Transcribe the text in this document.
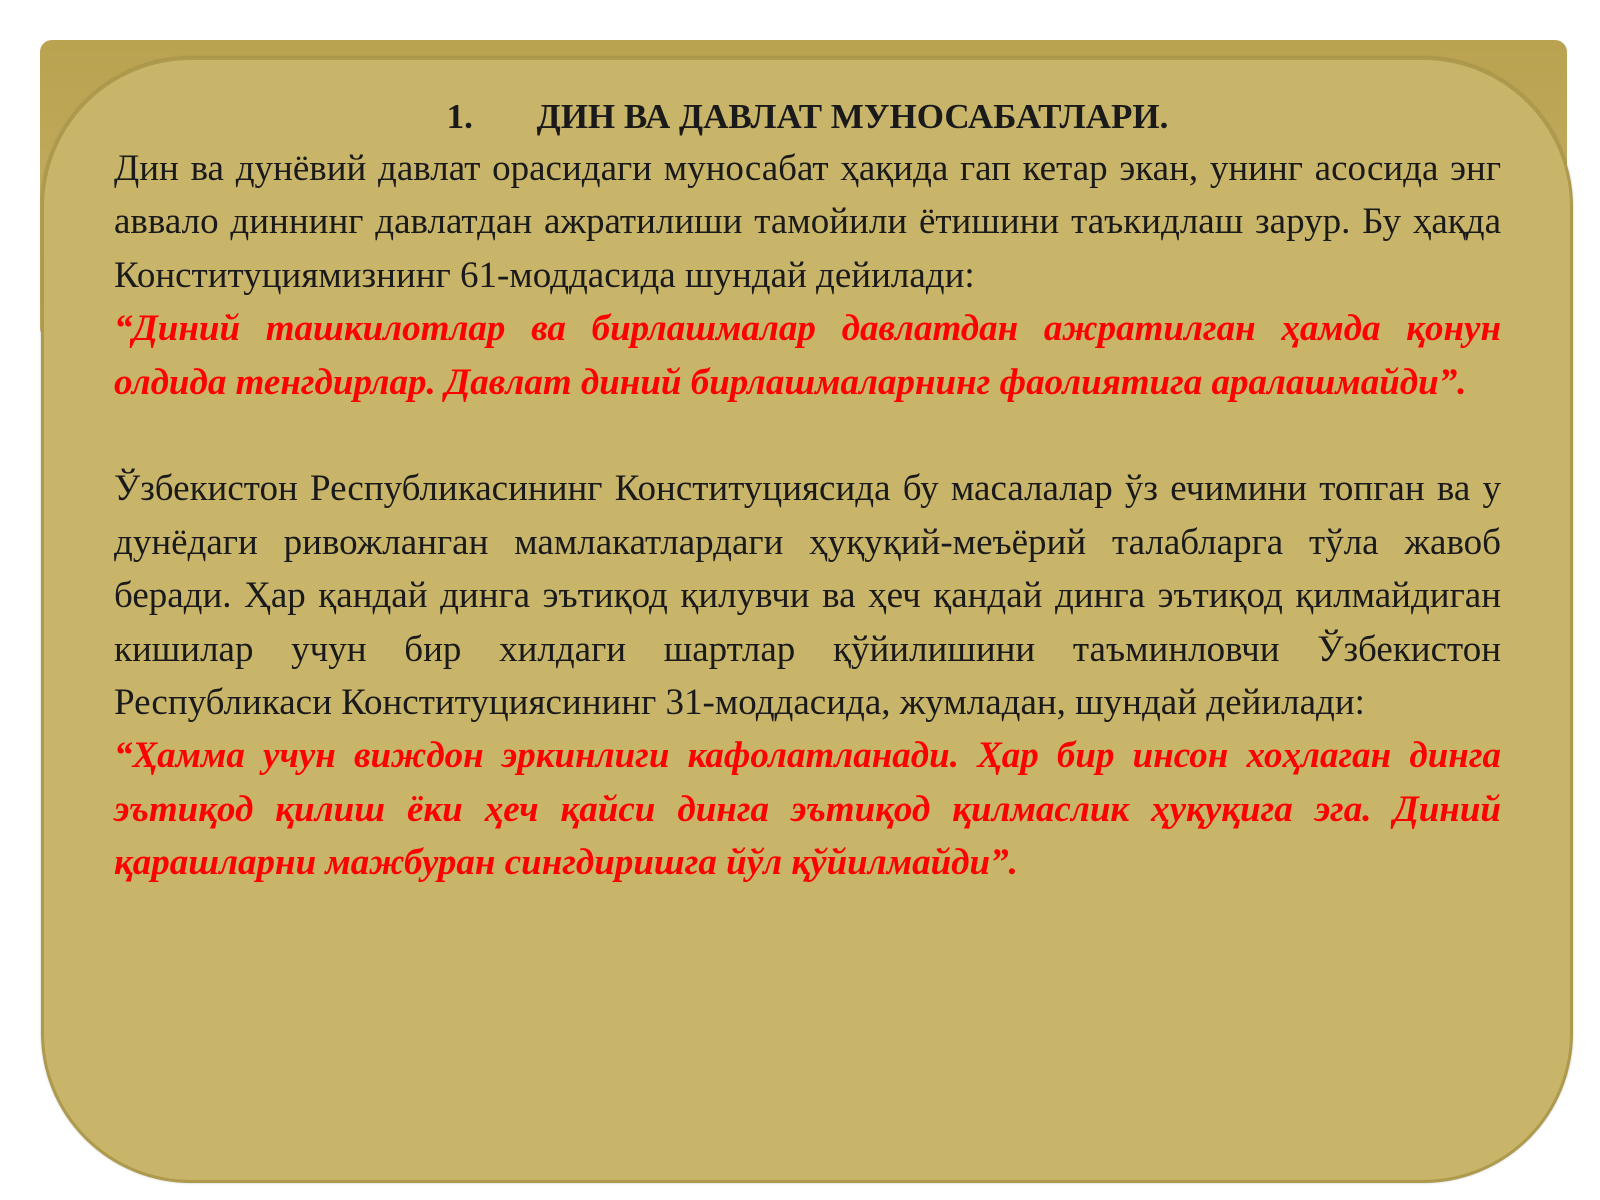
1. ДИН ВА ДАВЛАТ МУНОСАБАТЛАРИ.

Дин ва дунёвий давлат орасидаги муносабат ҳақида гап кетар экан, унинг асосида энг аввало диннинг давлатдан ажратилиши тамойили ётишини таъкидлаш зарур. Бу ҳақда Конституциямизнинг 61-моддасида шундай дейилади:

“Диний ташкилотлар ва бирлашмалар давлатдан ажратилган ҳамда қонун олдида тенгдирлар. Давлат диний бирлашмаларнинг фаолиятига аралашмайди”.

Ўзбекистон Республикасининг Конституциясида бу масалалар ўз ечимини топган ва у дунёдаги ривожланган мамлакатлардаги ҳуқуқий-меъёрий талабларга тўла жавоб беради. Ҳар қандай динга эътиқод қилувчи ва ҳеч қандай динга эътиқод қилмайдиган кишилар учун бир хилдаги шартлар қўйилишини таъминловчи Ўзбекистон Республикаси Конституциясининг 31-моддасида, жумладан, шундай дейилади:

“Ҳамма учун виждон эркинлиги кафолатланади. Ҳар бир инсон хоҳлаган динга эътиқод қилиш ёки ҳеч қайси динга эътиқод қилмаслик ҳуқуқига эга. Диний қарашларни мажбуран сингдиришга йўл қўйилмайди”.
